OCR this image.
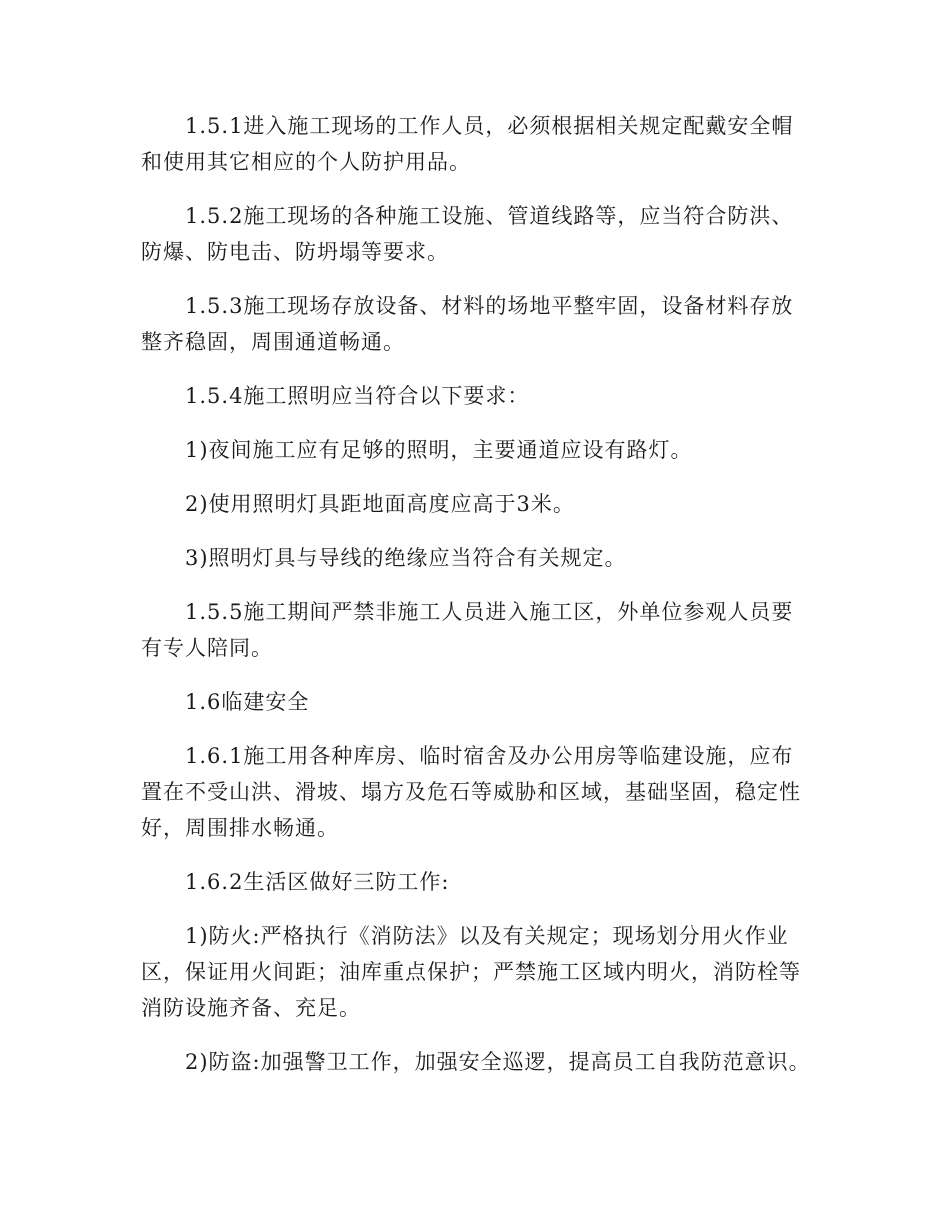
1.5.1进入施工现场的工作人员，必须根据相关规定配戴安全帽和使用其它相应的个人防护用品。

1.5.2施工现场的各种施工设施、管道线路等，应当符合防洪、防爆、防电击、防坍塌等要求。

1.5.3施工现场存放设备、材料的场地平整牢固，设备材料存放整齐稳固，周围通道畅通。

1.5.4施工照明应当符合以下要求：

1)夜间施工应有足够的照明，主要通道应设有路灯。

2)使用照明灯具距地面高度应高于3米。

3)照明灯具与导线的绝缘应当符合有关规定。

1.5.5施工期间严禁非施工人员进入施工区，外单位参观人员要有专人陪同。

1.6临建安全

1.6.1施工用各种库房、临时宿舍及办公用房等临建设施，应布置在不受山洪、滑坡、塌方及危石等威胁和区域，基础坚固，稳定性好，周围排水畅通。

1.6.2生活区做好三防工作:

1)防火:严格执行《消防法》以及有关规定；现场划分用火作业区，保证用火间距；油库重点保护；严禁施工区域内明火，消防栓等消防设施齐备、充足。

2)防盗:加强警卫工作，加强安全巡逻，提高员工自我防范意识。
